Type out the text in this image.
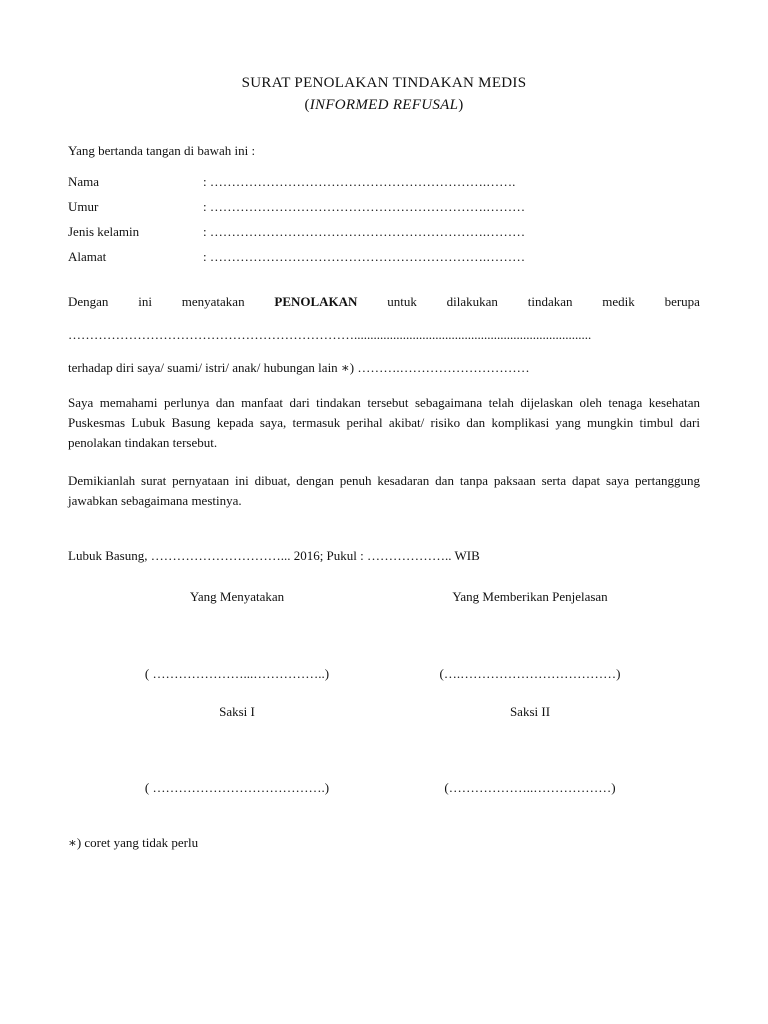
SURAT PENOLAKAN TINDAKAN MEDIS
(INFORMED REFUSAL)
Yang bertanda tangan di bawah ini :
Nama	: ……………………………………………………….…….
Umur	: ……………………………………………………….………
Jenis kelamin	: ……………………………………………………….………
Alamat	: ……………………………………………………….………
Dengan ini menyatakan PENOLAKAN untuk dilakukan tindakan medik berupa
………………………………………………………….........................................................................
terhadap diri saya/ suami/ istri/ anak/ hubungan lain ∗) ……….…………………………
Saya memahami perlunya dan manfaat dari tindakan tersebut sebagaimana telah dijelaskan oleh tenaga kesehatan Puskesmas Lubuk Basung kepada saya, termasuk perihal akibat/ risiko dan komplikasi yang mungkin timbul dari penolakan tindakan tersebut.
Demikianlah surat pernyataan ini dibuat, dengan penuh kesadaran dan tanpa paksaan serta dapat saya pertanggung jawabkan sebagaimana mestinya.
Lubuk Basung, …………………………... 2016; Pukul : ……………….. WIB
Yang Menyatakan	Yang Memberikan Penjelasan
( …………………...……………..)	(….………………………………)
Saksi I	Saksi II
( ………………………………….)	(………………..………………)
∗) coret yang tidak perlu
